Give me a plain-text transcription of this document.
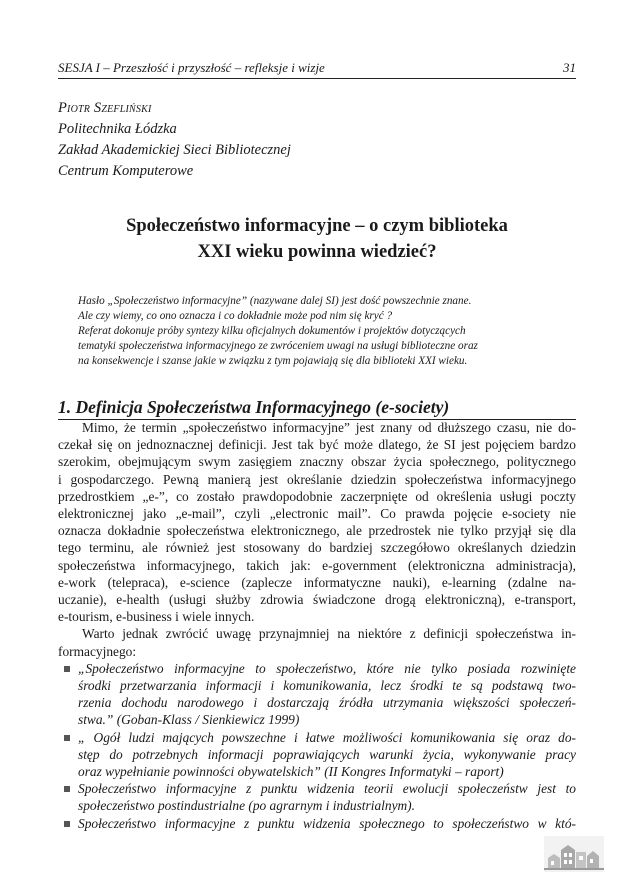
SESJA I – Przeszłość i przyszłość – refleksje i wizje	31
Piotr Szefliński
Politechnika Łódzka
Zakład Akademickiej Sieci Bibliotecznej
Centrum Komputerowe
Społeczeństwo informacyjne – o czym biblioteka
XXI wieku powinna wiedzieć?
Hasło „Społeczeństwo informacyjne” (nazywane dalej SI) jest dość powszechnie znane.
Ale czy wiemy, co ono oznacza i co dokładnie może pod nim się kryć ?
Referat dokonuje próby syntezy kilku oficjalnych dokumentów i projektów dotyczących
tematyki społeczeństwa informacyjnego ze zwróceniem uwagi na usługi biblioteczne oraz
na konsekwencje i szanse jakie w związku z tym pojawiają się dla biblioteki XXI wieku.
1. Definicja Społeczeństwa Informacyjnego (e-society)
Mimo, że termin „społeczeństwo informacyjne” jest znany od dłuższego czasu, nie do-
czekał się on jednoznacznej definicji. Jest tak być może dlatego, że SI jest pojęciem bardzo
szerokim, obejmującym swym zasięgiem znaczny obszar życia społecznego, politycznego
i gospodarczego. Pewną manierą jest określanie dziedzin społeczeństwa informacyjnego
przedrostkiem „e-”, co zostało prawdopodobnie zaczerpnięte od określenia usługi poczty
elektronicznej jako „e-mail”, czyli „electronic mail”. Co prawda pojęcie e-society nie
oznacza dokładnie społeczeństwa elektronicznego, ale przedrostek nie tylko przyjął się dla
tego terminu, ale również jest stosowany do bardziej szczegółowo określanych dziedzin
społeczeństwa informacyjnego, takich jak: e-government (elektroniczna administracja),
e-work (telepraca), e-science (zaplecze informatyczne nauki), e-learning (zdalne na-
uczanie), e-health (usługi służby zdrowia świadczone drogą elektroniczną), e-transport,
e-tourism, e-business i wiele innych.
Warto jednak zwrócić uwagę przynajmniej na niektóre z definicji społeczeństwa in-
formacyjnego:
„Społeczeństwo informacyjne to społeczeństwo, które nie tylko posiada rozwinięte
środki przetwarzania informacji i komunikowania, lecz środki te są podstawą two-
rzenia dochodu narodowego i dostarczają źródła utrzymania większości społeczeń-
stwa.” (Goban-Klass / Sienkiewicz 1999)
„ Ogół ludzi mających powszechne i łatwe możliwości komunikowania się oraz do-
stęp do potrzebnych informacji poprawiających warunki życia, wykonywanie pracy
oraz wypełnianie powinności obywatelskich” (II Kongres Informatyki – raport)
Społeczeństwo informacyjne z punktu widzenia teorii ewolucji społeczeństw jest to
społeczeństwo postindustrialne (po agrarnym i industrialnym).
Społeczeństwo informacyjne z punktu widzenia społecznego to społeczeństwo w któ-
